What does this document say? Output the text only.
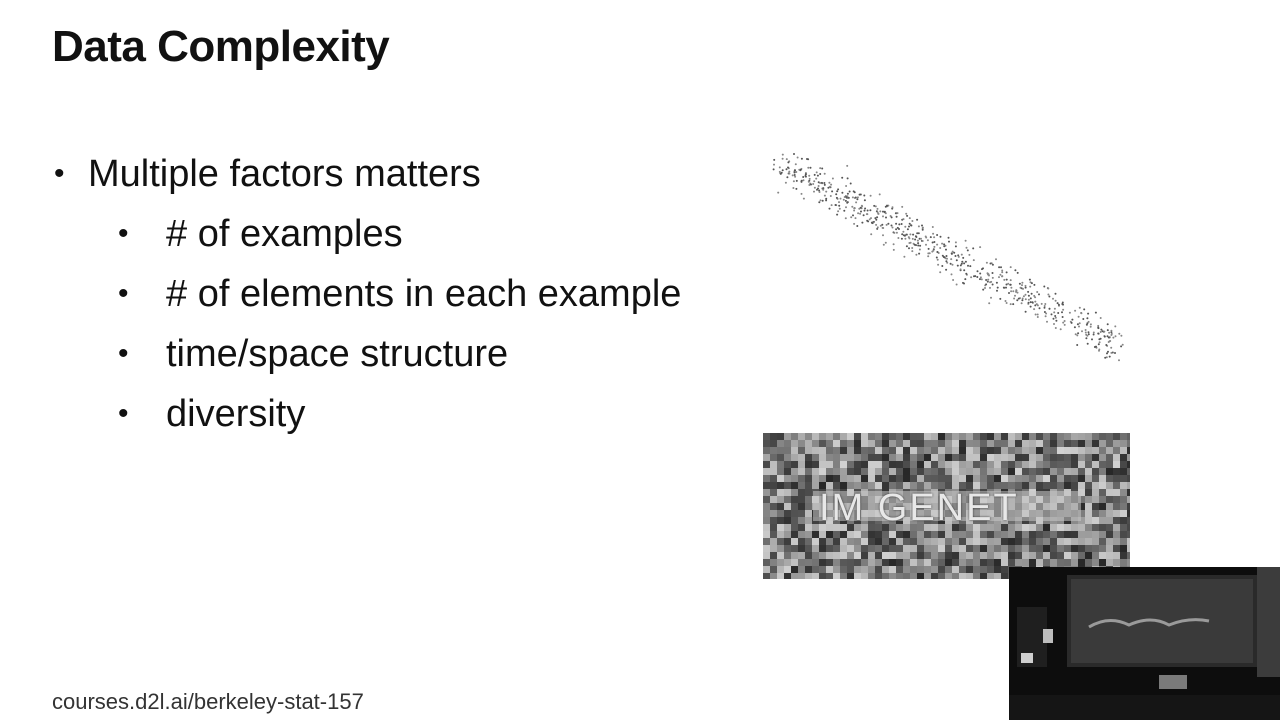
Data Complexity
• Multiple factors matters
• # of examples
• # of elements in each example
• time/space structure
• diversity
IM GENET
courses.d2l.ai/berkeley-stat-157
